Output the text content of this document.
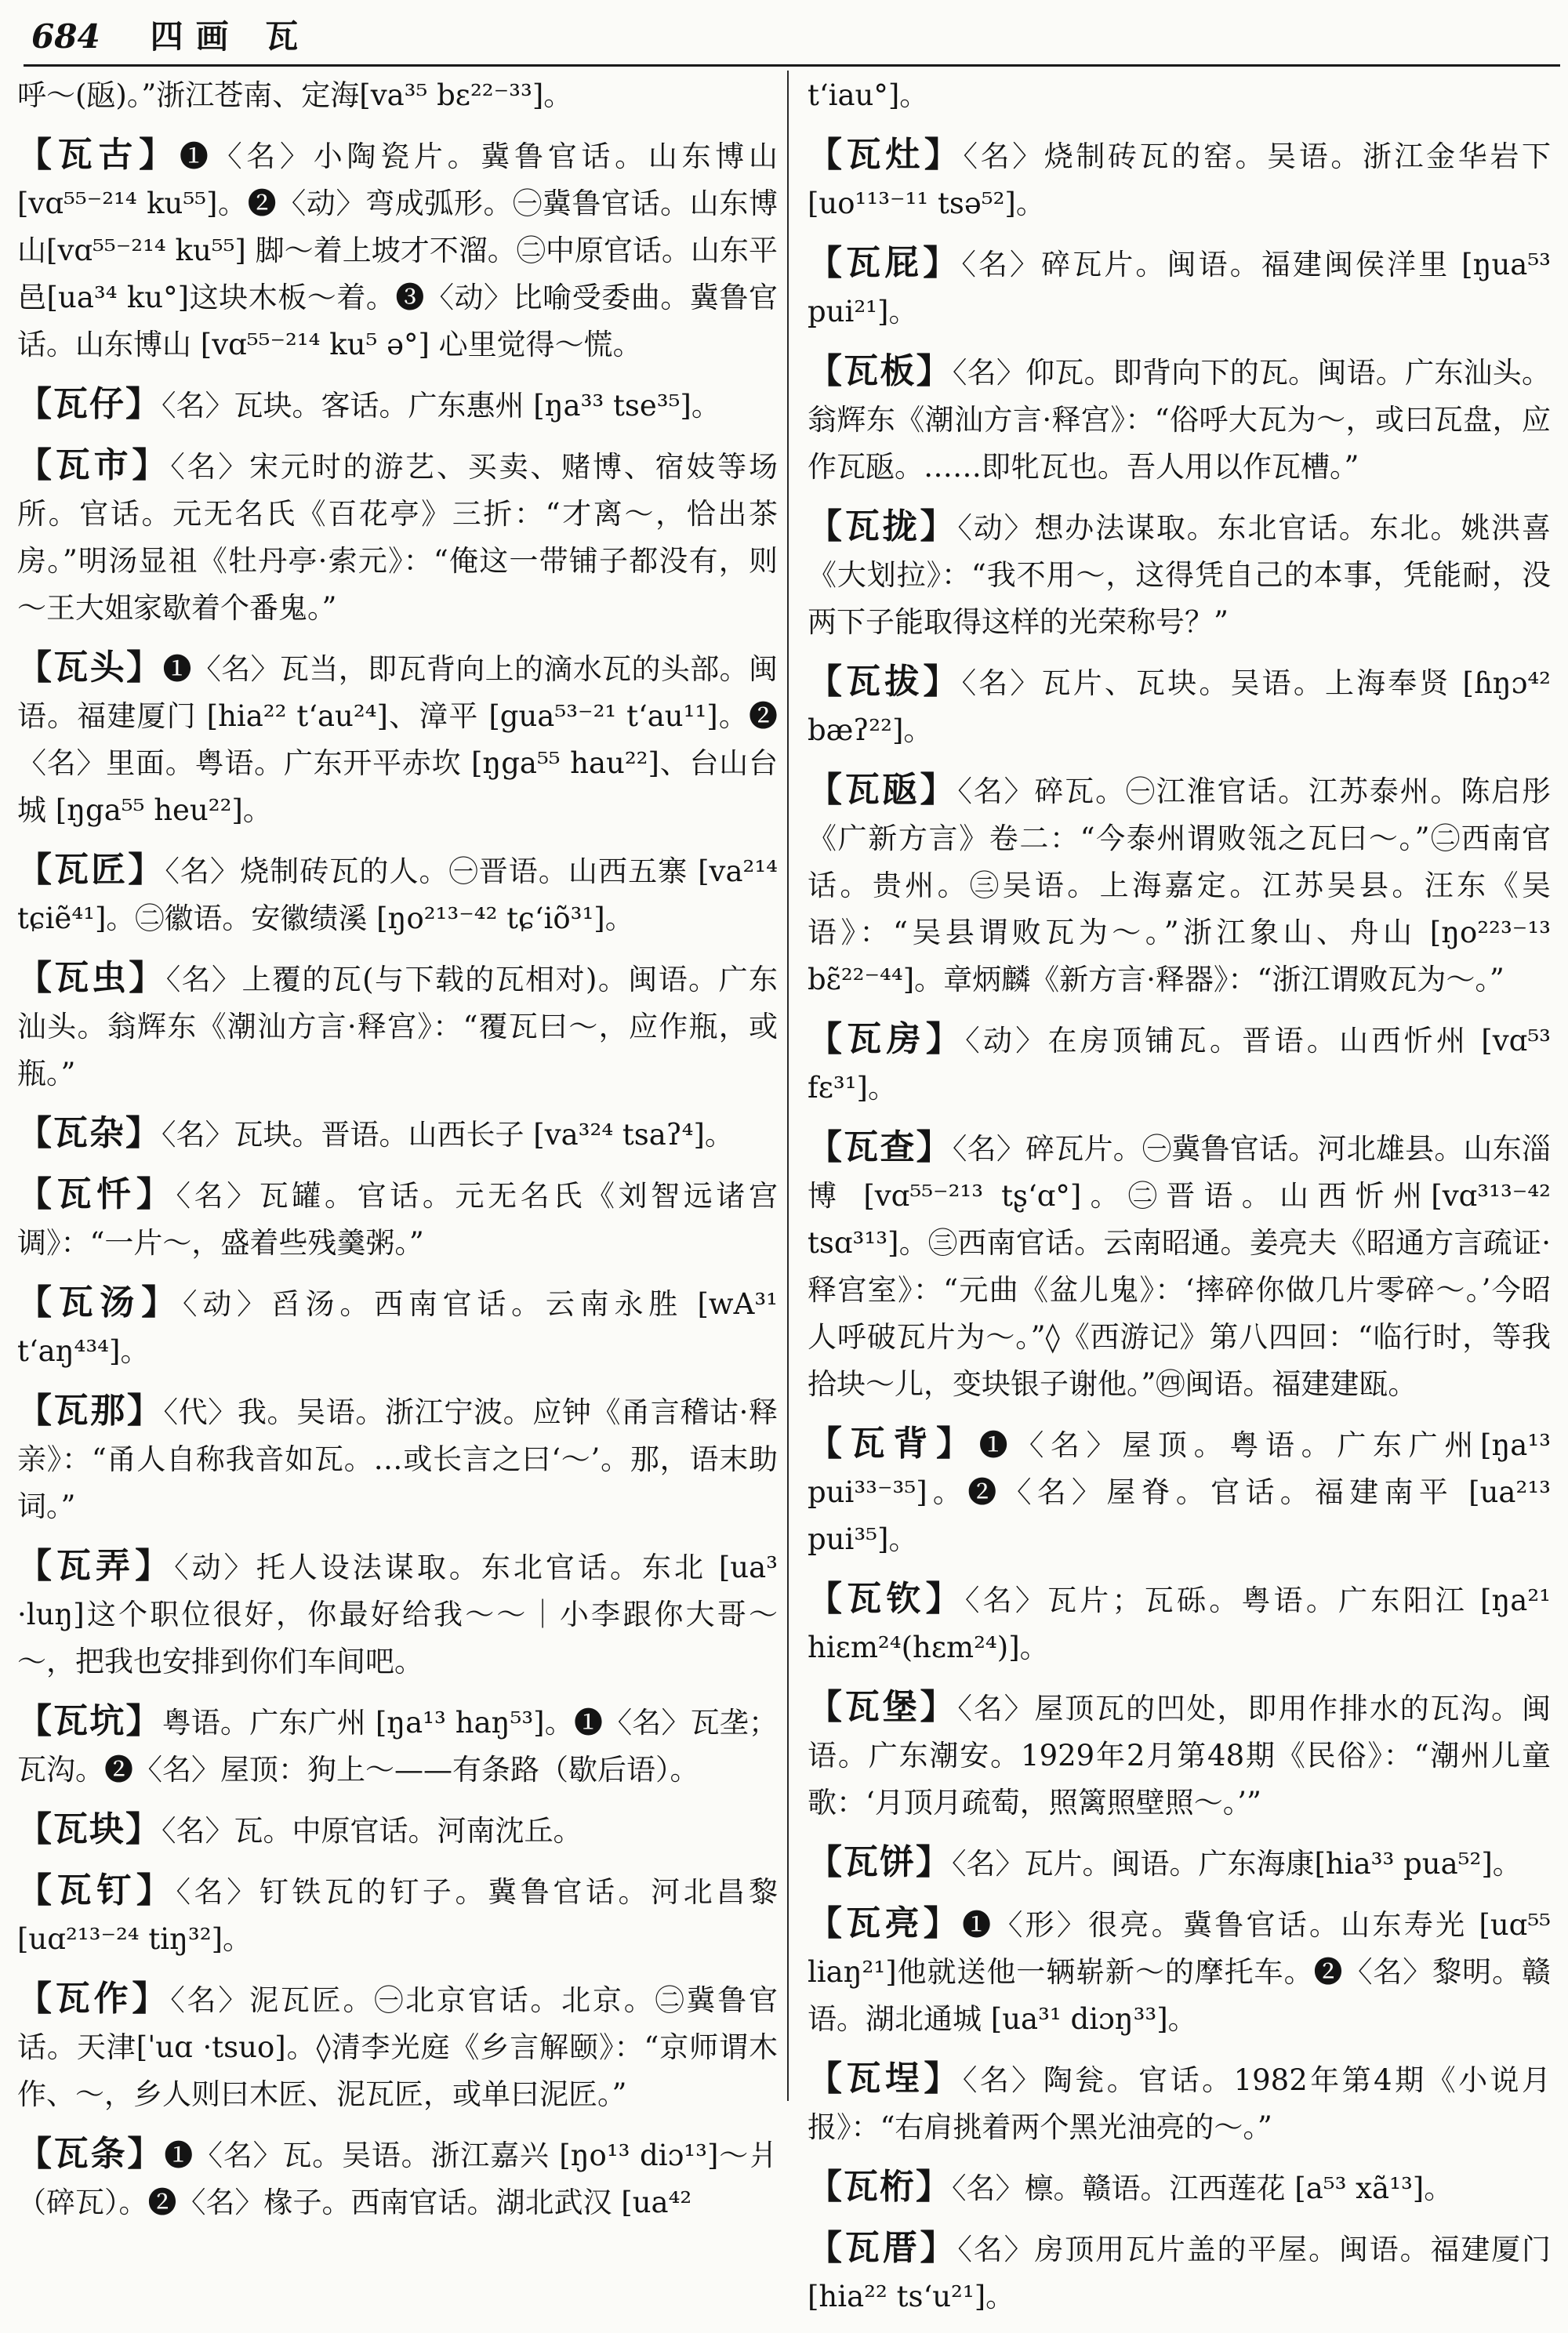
684 四画 瓦
呼～(瓪)。”浙江苍南、定海[va³⁵ bɛ²²⁻³³]。
【瓦古】❶〈名〉小陶瓷片。冀鲁官话。山东博山[vɑ⁵⁵⁻²¹⁴ ku⁵⁵]。❷〈动〉弯成弧形。㊀冀鲁官话。山东博山[vɑ⁵⁵⁻²¹⁴ ku⁵⁵] 脚～着上坡才不溜。㊁中原官话。山东平邑[ua³⁴ ku°]这块木板～着。❸〈动〉比喻受委曲。冀鲁官话。山东博山 [vɑ⁵⁵⁻²¹⁴ ku⁵ ə°] 心里觉得～慌。
【瓦仔】〈名〉瓦块。客话。广东惠州 [ŋa³³ tse³⁵]。
【瓦市】〈名〉宋元时的游艺、买卖、赌博、宿妓等场所。官话。元无名氏《百花亭》三折：“才离～，恰出茶房。”明汤显祖《牡丹亭·索元》：“俺这一带铺子都没有，则～王大姐家歇着个番鬼。”
【瓦头】❶〈名〉瓦当，即瓦背向上的滴水瓦的头部。闽语。福建厦门 [hia²² t‘au²⁴]、漳平 [gua⁵³⁻²¹ t‘au¹¹]。❷〈名〉里面。粤语。广东开平赤坎 [ŋga⁵⁵ hau²²]、台山台城 [ŋga⁵⁵ heu²²]。
【瓦匠】〈名〉烧制砖瓦的人。㊀晋语。山西五寨 [va²¹⁴ tɕiẽ⁴¹]。㊁徽语。安徽绩溪 [ŋo²¹³⁻⁴² tɕ‘iõ³¹]。
【瓦虫】〈名〉上覆的瓦(与下载的瓦相对)。闽语。广东汕头。翁辉东《潮汕方言·释宫》：“覆瓦曰～，应作瓶，或瓶。”
【瓦杂】〈名〉瓦块。晋语。山西长子 [va³²⁴ tsaʔ⁴]。
【瓦忏】〈名〉瓦罐。官话。元无名氏《刘智远诸宫调》：“一片～，盛着些残羹粥。”
【瓦汤】〈动〉舀汤。西南官话。云南永胜 [wA³¹ t‘aŋ⁴³⁴]。
【瓦那】〈代〉我。吴语。浙江宁波。应钟《甬言稽诂·释亲》：“甬人自称我音如瓦。…或长言之曰‘～’。那，语末助词。”
【瓦弄】〈动〉托人设法谋取。东北官话。东北 [ua³ ·luŋ]这个职位很好，你最好给我～～｜小李跟你大哥～～，把我也安排到你们车间吧。
【瓦坑】粤语。广东广州 [ŋa¹³ haŋ⁵³]。❶〈名〉瓦垄；瓦沟。❷〈名〉屋顶：狗上～——有条路（歇后语）。
【瓦块】〈名〉瓦。中原官话。河南沈丘。
【瓦钉】〈名〉钉铁瓦的钉子。冀鲁官话。河北昌黎 [uɑ²¹³⁻²⁴ tiŋ³²]。
【瓦作】〈名〉泥瓦匠。㊀北京官话。北京。㊁冀鲁官话。天津[ˈuɑ ·tsuo]。◊清李光庭《乡言解颐》：“京师谓木作、～，乡人则曰木匠、泥瓦匠，或单曰泥匠。”
【瓦条】❶〈名〉瓦。吴语。浙江嘉兴 [ŋo¹³ diɔ¹³]～爿（碎瓦）。❷〈名〉椽子。西南官话。湖北武汉 [ua⁴²
t‘iau°]。
【瓦灶】〈名〉烧制砖瓦的窑。吴语。浙江金华岩下 [uo¹¹³⁻¹¹ tsə⁵²]。
【瓦屁】〈名〉碎瓦片。闽语。福建闽侯洋里 [ŋua⁵³ pui²¹]。
【瓦板】〈名〉仰瓦。即背向下的瓦。闽语。广东汕头。翁辉东《潮汕方言·释宫》：“俗呼大瓦为～，或曰瓦盘，应作瓦瓪。……即牝瓦也。吾人用以作瓦槽。”
【瓦拢】〈动〉想办法谋取。东北官话。东北。姚洪喜《大划拉》：“我不用～，这得凭自己的本事，凭能耐，没两下子能取得这样的光荣称号？”
【瓦拔】〈名〉瓦片、瓦块。吴语。上海奉贤 [ɦŋɔ⁴² bæʔ²²]。
【瓦瓪】〈名〉碎瓦。㊀江淮官话。江苏泰州。陈启彤《广新方言》卷二：“今泰州谓败瓴之瓦曰～。”㊁西南官话。贵州。㊂吴语。上海嘉定。江苏吴县。汪东《吴语》：“吴县谓败瓦为～。”浙江象山、舟山 [ŋo²²³⁻¹³ bɛ̃²²⁻⁴⁴]。章炳麟《新方言·释器》：“浙江谓败瓦为～。”
【瓦房】〈动〉在房顶铺瓦。晋语。山西忻州 [vɑ⁵³ fɛ³¹]。
【瓦查】〈名〉碎瓦片。㊀冀鲁官话。河北雄县。山东淄博 [vɑ⁵⁵⁻²¹³ tʂ‘ɑ°]。㊁晋语。山西忻州[vɑ³¹³⁻⁴² tsɑ³¹³]。㊂西南官话。云南昭通。姜亮夫《昭通方言疏证·释宫室》：“元曲《盆儿鬼》：‘摔碎你做几片零碎～。’今昭人呼破瓦片为～。”◊《西游记》第八四回：“临行时，等我拾块～儿，变块银子谢他。”㊃闽语。福建建瓯。
【瓦背】❶〈名〉屋顶。粤语。广东广州[ŋa¹³ pui³³⁻³⁵]。❷〈名〉屋脊。官话。福建南平 [ua²¹³ pui³⁵]。
【瓦钦】〈名〉瓦片；瓦砾。粤语。广东阳江 [ŋa²¹ hiɛm²⁴(hɛm²⁴)]。
【瓦堡】〈名〉屋顶瓦的凹处，即用作排水的瓦沟。闽语。广东潮安。1929年2月第48期《民俗》：“潮州儿童歌：‘月顶月疏萄，照篱照壁照～。’”
【瓦饼】〈名〉瓦片。闽语。广东海康[hia³³ pua⁵²]。
【瓦亮】❶〈形〉很亮。冀鲁官话。山东寿光 [uɑ⁵⁵ liaŋ²¹]他就送他一辆崭新～的摩托车。❷〈名〉黎明。赣语。湖北通城 [ua³¹ diɔŋ³³]。
【瓦埕】〈名〉陶瓮。官话。1982年第4期《小说月报》：“右肩挑着两个黑光油亮的～。”
【瓦桁】〈名〉檩。赣语。江西莲花 [a⁵³ xã¹³]。
【瓦厝】〈名〉房顶用瓦片盖的平屋。闽语。福建厦门 [hia²² ts‘u²¹]。
